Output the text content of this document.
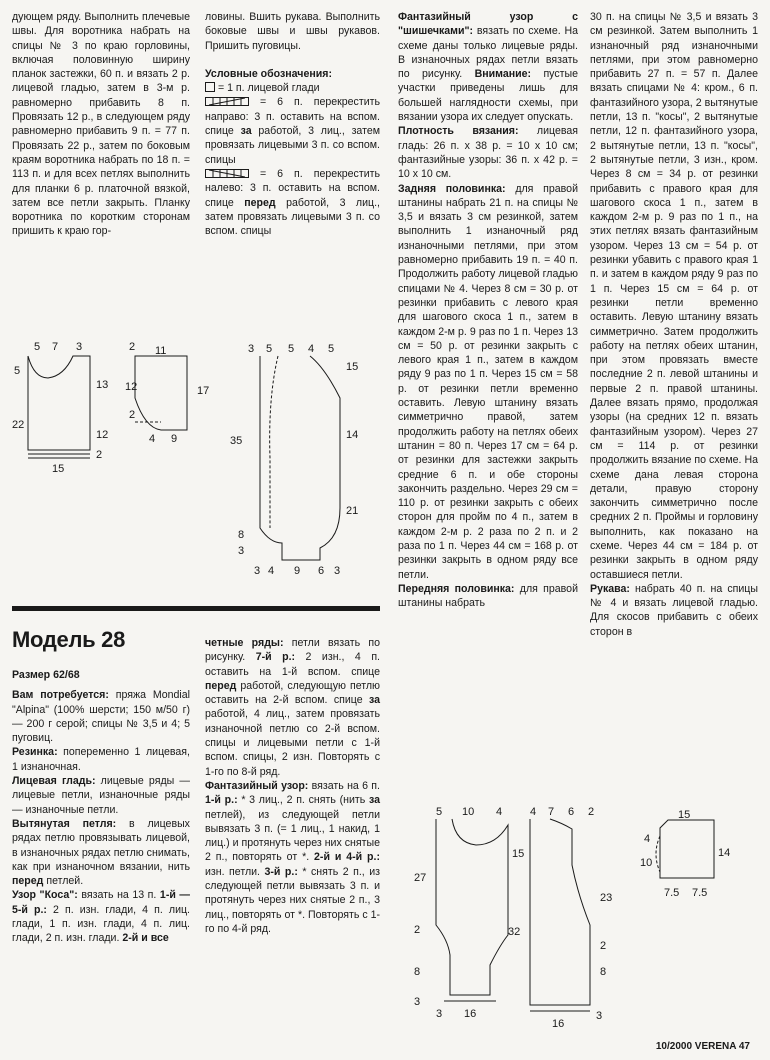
дующем ряду. Выполнить плечевые швы. Для воротника набрать на спицы № 3 по краю горловины, включая половинную ширину планок застежки, 60 п. и вязать 2 р. лицевой гладью, затем в 3-м р. равномерно прибавить 8 п. Провязать 12 р., в следующем ряду равномерно прибавить 9 п. = 77 п. Провязать 22 р., затем по боковым краям воротника набрать по 18 п. = 113 п. и для всех петлях выполнить для планки 6 р. платочной вязкой, затем все петли закрыть. Планку воротника по коротким сторонам пришить к краю гор-

ловины. Вшить рукава. Выполнить боковые швы и швы рукавов. Пришить пуговицы.

Условные обозначения:
= 1 п. лицевой глади
= 6 п. перекрестить направо: 3 п. оставить на вспом. спице за работой, 3 лиц., затем провязать лицевыми 3 п. со вспом. спицы
= 6 п. перекрестить налево: 3 п. оставить на вспом. спице перед работой, 3 лиц., затем провязать лицевыми 3 п. со вспом. спицы

Фантазийный узор с "шишечками": вязать по схеме. На схеме даны только лицевые ряды. В изнаночных рядах петли вязать по рисунку. Внимание: пустые участки приведены лишь для большей наглядности схемы, при вязании узора их следует опускать.

Плотность вязания: лицевая гладь: 26 п. x 38 р. = 10 x 10 см; фантазийные узоры: 36 п. x 42 р. = 10 x 10 см.

Задняя половинка: для правой штанины набрать 21 п. на спицы № 3,5 и вязать 3 см резинкой, затем выполнить 1 изнаночный ряд изнаночными петлями, при этом равномерно прибавить 19 п. = 40 п. Продолжить работу лицевой гладью спицами № 4. Через 8 см = 30 р. от резинки прибавить с левого края для шагового скоса 1 п., затем в каждом 2-м р. 9 раз по 1 п. Через 13 см = 50 р. от резинки закрыть с левого края 1 п., затем в каждом ряду 9 раз по 1 п. Через 15 см = 58 р. от резинки петли временно оставить. Левую штанину вязать симметрично правой, затем продолжить работу на петлях обеих штанин = 80 п. Через 17 см = 64 р. от резинки для застежки закрыть средние 6 п. и обе стороны закончить раздельно. Через 29 см = 110 р. от резинки закрыть с обеих сторон для пройм по 4 п., затем в каждом 2-м р. 2 раза по 2 п. и 2 раза по 1 п. Через 44 см = 168 р. от резинки закрыть в одном ряду все петли.

Передняя половинка: для правой штанины набрать

30 п. на спицы № 3,5 и вязать 3 см резинкой. Затем выполнить 1 изнаночный ряд изнаночными петлями, при этом равномерно прибавить 27 п. = 57 п. Далее вязать спицами № 4: кром., 6 п. фантазийного узора, 2 вытянутые петли, 13 п. "косы", 2 вытянутые петли, 12 п. фантазийного узора, 2 вытянутые петли, 13 п. "косы", 2 вытянутые петли, 3 изн., кром. Через 8 см = 34 р. от резинки прибавить с правого края для шагового скоса 1 п., затем в каждом 2-м р. 9 раз по 1 п., на этих петлях вязать фантазийным узором. Через 13 см = 54 р. от резинки убавить с правого края 1 п. и затем в каждом ряду 9 раз по 1 п. Через 15 см = 64 р. от резинки петли временно оставить. Левую штанину вязать симметрично. Затем продолжить работу на петлях обеих штанин, при этом провязать вместе последние 2 п. левой штанины и первые 2 п. правой штанины. Далее вязать прямо, продолжая узоры (на средних 12 п. вязать фантазийным узором). Через 27 см = 114 р. от резинки продолжить вязание по схеме. На схеме дана левая сторона детали, правую сторону закончить симметрично после средних 2 п. Проймы и горловину выполнить, как показано на схеме. Через 44 см = 184 р. от резинки закрыть в одном ряду оставшиеся петли.

Рукава: набрать 40 п. на спицы № 4 и вязать лицевой гладью. Для скосов прибавить с обеих сторон в

5 7 3
5
13
22
12
2
15
2 11
12	17
2
4 9
3 5 5 4 5
15
14
21
35
8
3
3 4 9 6 3
Модель 28

Размер 62/68

Вам потребуется: пряжа Mondial "Alpina" (100% шерсти; 150 м/50 г) — 200 г серой; спицы № 3,5 и 4; 5 пуговиц.

Резинка: попеременно 1 лицевая, 1 изнаночная.

Лицевая гладь: лицевые ряды — лицевые петли, изнаночные ряды — изнаночные петли.

Вытянутая петля: в лицевых рядах петлю провязывать лицевой, в изнаночных рядах петлю снимать, как при изнаночном вязании, нить перед петлей.

Узор "Коса": вязать на 13 п. 1-й — 5-й р.: 2 п. изн. глади, 4 п. лиц. глади, 1 п. изн. глади, 4 п. лиц. глади, 2 п. изн. глади. 2-й и все

четные ряды: петли вязать по рисунку. 7-й р.: 2 изн., 4 п. оставить на 1-й вспом. спице перед работой, следующую петлю оставить на 2-й вспом. спице за работой, 4 лиц., затем провязать изнаночной петлю со 2-й вспом. спицы и лицевыми петли с 1-й вспом. спицы, 2 изн. Повторять с 1-го по 8-й ряд.

Фантазийный узор: вязать на 6 п. 1-й р.: * 3 лиц., 2 п. снять (нить за петлей), из следующей петли вывязать 3 п. (= 1 лиц., 1 накид, 1 лиц.) и протянуть через них снятые 2 п., повторять от *. 2-й и 4-й р.: изн. петли. 3-й р.: * снять 2 п., из следующей петли вывязать 3 п. и протянуть через них снятые 2 п., 3 лиц., повторять от *. Повторять с 1-го по 4-й ряд.

5 10 4	4 7 6 2
27
15
32
2
8
23
8
2
3
3 16
16
3
15
4
10
14
7.5 7.5
10/2000 VERENA 47
